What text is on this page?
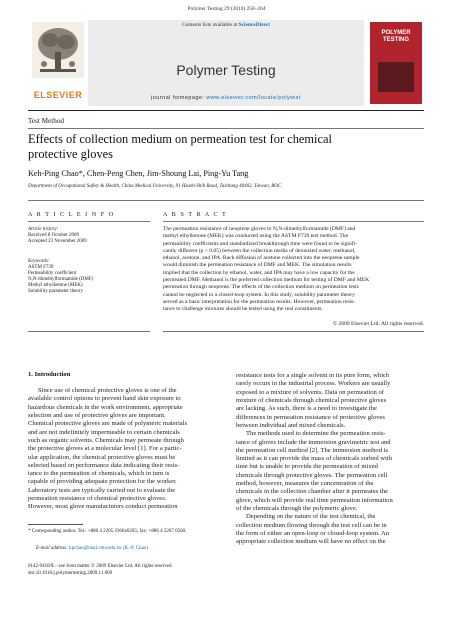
Polymer Testing 29 (2010) 258–264
Contents lists available at ScienceDirect
Polymer Testing
journal homepage: www.elsevier.com/locate/polytest
ELSEVIER
POLYMER
TESTING
Test Method
Effects of collection medium on permeation test for chemical
protective gloves
Keh-Ping Chao*, Chen-Peng Chen, Jim-Shoung Lai, Ping-Yu Tang
Department of Occupational Safety & Health, China Medical University, 91 Hsueh-Shih Road, Taichung 40402, Taiwan, ROC
A R T I C L E I N F O
Article history:
Received 8 October 2009
Accepted 23 November 2009
Keywords:
ASTM F739
Permeability coefficient
N,N-dimethylformamide (DMF)
Methyl ethylketone (MEK)
Solubility parameter theory
A B S T R A C T
The permeation resistance of neoprene gloves to N,N-dimethylformamide (DMF) and
methyl ethylketone (MEK) was conducted using the ASTM F739 test method. The
permeability coefficients and standardized breakthrough time were found to be signifi-
cantly different (p < 0.05) between the collection media of deionized water, methanol,
ethanol, acetone, and IPA. Back diffusion of acetone collected into the neoprene sample
would diminish the permeation resistance of DMF and MEK. The simulation results
implied that the collection by ethanol, water, and IPA may have a low capacity for the
permeated DMF. Methanol is the preferred collection medium for testing of DMF and MEK
permeation through neoprene. The effects of the collection medium on permeation tests
cannot be neglected in a closed-loop system. In this study, solubility parameter theory
served as a basic interpretation for the permeation results. However, permeation resis-
tance to challenge mixtures should be tested using the real constituents.
© 2009 Elsevier Ltd. All rights reserved.
1. Introduction
Since use of chemical protective gloves is one of the
available control options to prevent hand skin exposure to
hazardous chemicals in the work environment, appropriate
selection and use of protective gloves are important.
Chemical protective gloves are made of polymeric materials
and are not indefinitely impermeable to certain chemicals
such as organic solvents. Chemicals may permeate through
the protective gloves at a molecular level [1]. For a partic-
ular application, the chemical protective gloves must be
selected based on performance data indicating their resis-
tance to the permeation of chemicals, which in turn is
capable of providing adequate protection for the worker.
Laboratory tests are typically carried out to evaluate the
permeation resistance of chemical protective gloves.
However, most glove manufacturers conduct permeation
resistance tests for a single solvent in its pure form, which
rarely occurs in the industrial process. Workers are usually
exposed to a mixture of solvents. Data on permeation of
mixture of chemicals through chemical protective gloves
are lacking. As such, there is a need to investigate the
differences in permeation resistance of protective gloves
between individual and mixed chemicals.
The methods used to determine the permeation resis-
tance of gloves include the immersion gravimetric test and
the permeation cell method [2]. The immersion method is
limited as it can provide the mass of chemicals sorbed with
time but is unable to provide the permeation of mixed
chemicals through protective gloves. The permeation cell
method, however, measures the concentration of the
chemicals in the collection chamber after it permeates the
glove, which will provide real time permeation information
of the chemicals through the polymeric glove.
Depending on the nature of the test chemical, the
collection medium flowing through the test cell can be in
the form of either an open-loop or closed-loop system. An
appropriate collection medium will have no effect on the
* Corresponding author. Tel.: +886 4 2205 3366x6205; fax: +886 4 2207 0500.
E-mail address: kpchao@mail.cmu.edu.tw (K.-P. Chao).
0142-9418/$ – see front matter © 2009 Elsevier Ltd. All rights reserved.
doi:10.1016/j.polymertesting.2009.11.009
